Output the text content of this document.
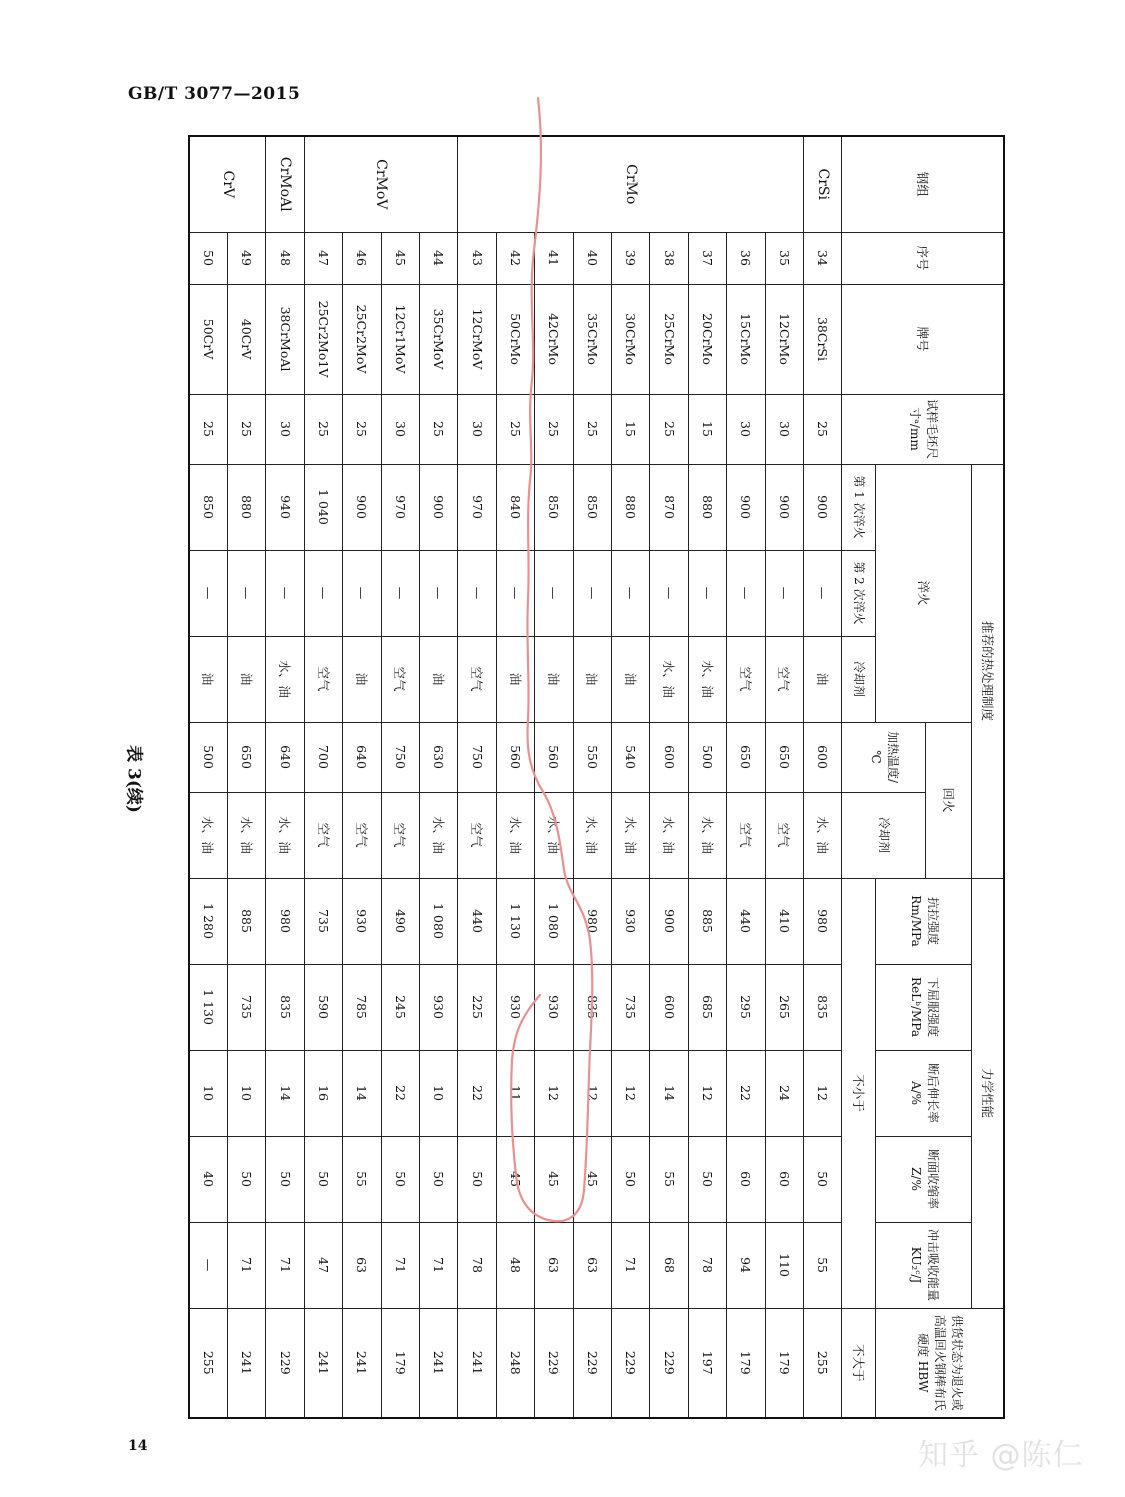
GB/T 3077—2015
表 3(续)
钢组	序号	牌号	试样毛坯尺寸ᵃ/mm	推荐的热处理制度					力学性能					供货状态为退火或高温回火钢棒布氏硬度 HBW
				淬火			回火		抗拉强度 Rm/MPa	下屈服强度 ReLᵇ/MPa	断后伸长率 A/%	断面收缩率 Z/%	冲击吸收能量 KU₂ᶜ/J	
							加热温度/℃	冷却剂						
				第 1 次淬火	第 2 次淬火	冷却剂			不小于					不大于
CrSi	34	38CrSi	25	900	—	油	600	水、油	980	835	12	50	55	255
CrMo	35	12CrMo	30	900	—	空气	650	空气	410	265	24	60	110	179
	36	15CrMo	30	900	—	空气	650	空气	440	295	22	60	94	179
	37	20CrMo	15	880	—	水、油	500	水、油	885	685	12	50	78	197
	38	25CrMo	25	870	—	水、油	600	水、油	900	600	14	55	68	229
	39	30CrMo	15	880	—	油	540	水、油	930	735	12	50	71	229
	40	35CrMo	25	850	—	油	550	水、油	980	835	12	45	63	229
	41	42CrMo	25	850	—	油	560	水、油	1 080	930	12	45	63	229
	42	50CrMo	25	840	—	油	560	水、油	1 130	930	11	45	48	248
	43	12CrMoV	30	970	—	空气	750	空气	440	225	22	50	78	241
CrMoV	44	35CrMoV	25	900	—	油	630	水、油	1 080	930	10	50	71	241
	45	12Cr1MoV	30	970	—	空气	750	空气	490	245	22	50	71	179
	46	25Cr2MoV	25	900	—	油	640	空气	930	785	14	55	63	241
	47	25Cr2Mo1V	25	1 040	—	空气	700	空气	735	590	16	50	47	241
CrMoAl	48	38CrMoAl	30	940	—	水、油	640	水、油	980	835	14	50	71	229
CrV	49	40CrV	25	880	—	油	650	水、油	885	735	10	50	71	241
	50	50CrV	25	850	—	油	500	水、油	1 280	1 130	10	40	—	255
14	知乎 @陈仁
